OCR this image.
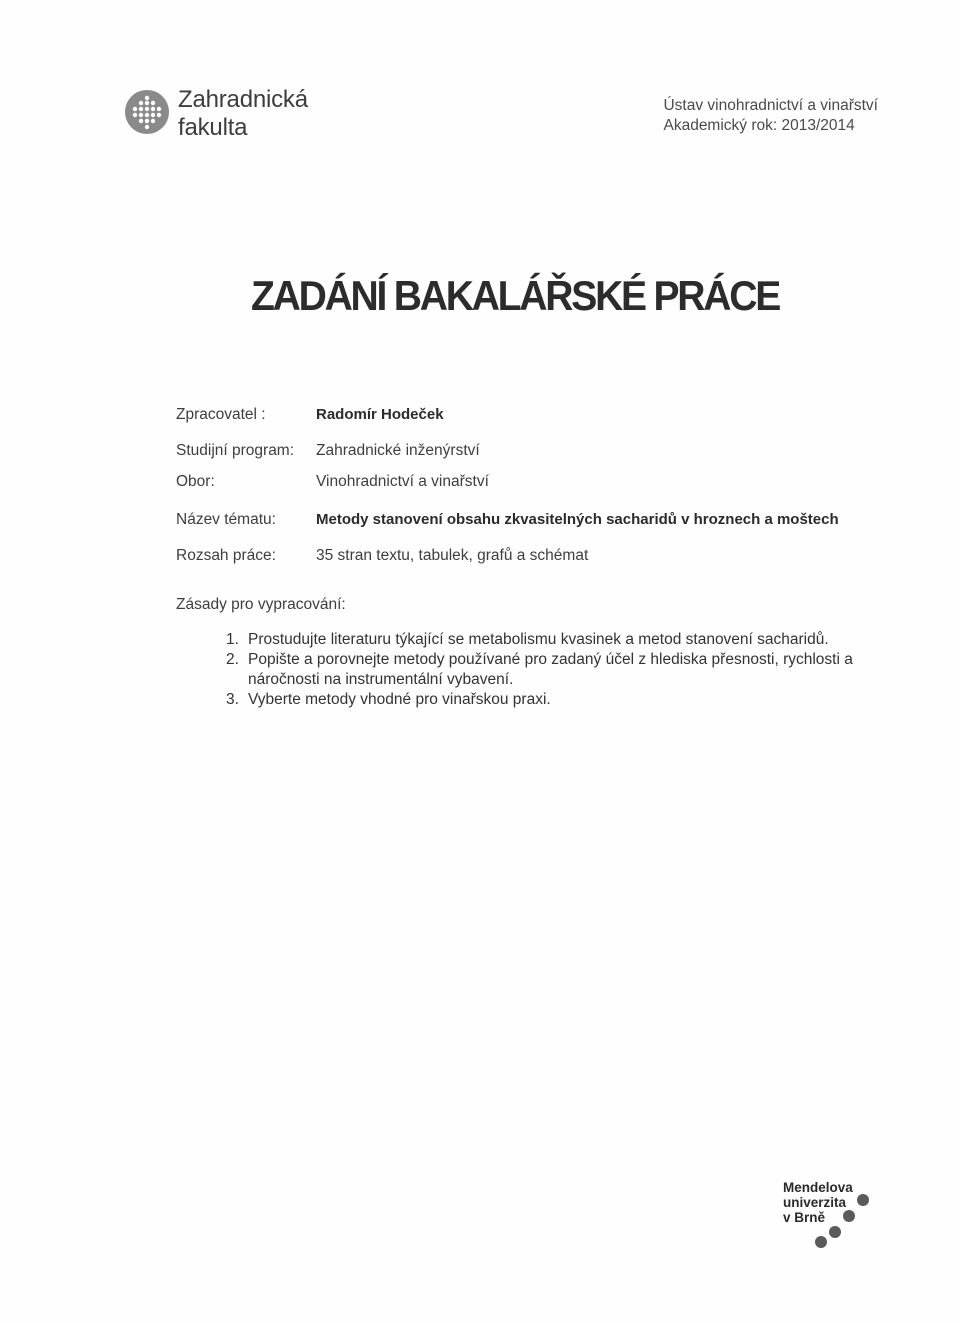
Zahradnická
fakulta
Ústav vinohradnictví a vinařství
Akademický rok: 2013/2014
ZADÁNÍ BAKALÁŘSKÉ PRÁCE
Zpracovatel :	Radomír Hodeček
Studijní program: Zahradnické inženýrství
Obor:	Vinohradnictví a vinařství
Název tématu:	Metody stanovení obsahu zkvasitelných sacharidů v hroznech a moštech
Rozsah práce:	35 stran textu, tabulek, grafů a schémat
Zásady pro vypracování:
1. Prostudujte literaturu týkající se metabolismu kvasinek a metod stanovení sacharidů.
2. Popište a porovnejte metody používané pro zadaný účel z hlediska přesnosti, rychlosti a náročnosti na instrumentální vybavení.
3. Vyberte metody vhodné pro vinařskou praxi.
Mendelova
univerzita
v Brně
